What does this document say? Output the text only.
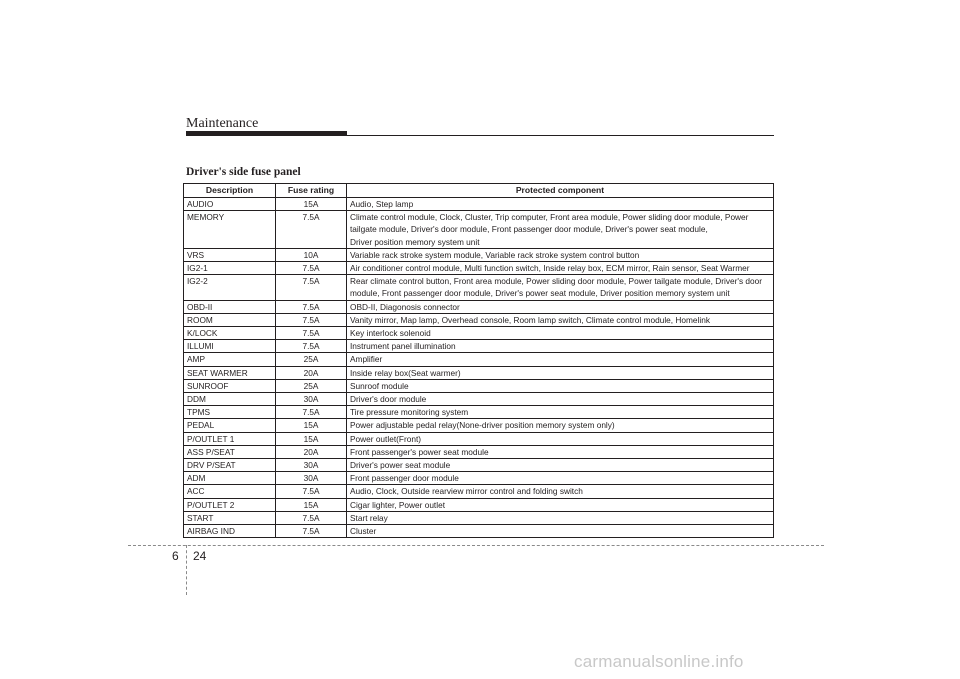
Maintenance
Driver's side fuse panel
Description	Fuse rating	Protected component
AUDIO	15A	Audio, Step lamp

MEMORY	7.5A	Climate control module, Clock, Cluster, Trip computer, Front area module, Power sliding door module, Power
tailgate module, Driver's door module, Front passenger door module, Driver's power seat module,
Driver position memory system unit

VRS	10A	Variable rack stroke system module, Variable rack stroke system control button

IG2-1	7.5A	Air conditioner control module, Multi function switch, Inside relay box, ECM mirror, Rain sensor, Seat Warmer

IG2-2	7.5A	Rear climate control button, Front area module, Power sliding door module, Power tailgate module, Driver's door
module, Front passenger door module, Driver's power seat module, Driver position memory system unit

OBD-II	7.5A	OBD-II, Diagonosis connector

ROOM	7.5A	Vanity mirror, Map lamp, Overhead console, Room lamp switch, Climate control module, Homelink

K/LOCK	7.5A	Key interlock solenoid

ILLUMI	7.5A	Instrument panel illumination

AMP	25A	Amplifier

SEAT WARMER	20A	Inside relay box(Seat warmer)

SUNROOF	25A	Sunroof module

DDM	30A	Driver's door module

TPMS	7.5A	Tire pressure monitoring system

PEDAL	15A	Power adjustable pedal relay(None-driver position memory system only)

P/OUTLET 1	15A	Power outlet(Front)

ASS P/SEAT	20A	Front passenger's power seat module

DRV P/SEAT	30A	Driver's power seat module

ADM	30A	Front passenger door module

ACC	7.5A	Audio, Clock, Outside rearview mirror control and folding switch

P/OUTLET 2	15A	Cigar lighter, Power outlet

START	7.5A	Start relay

AIRBAG IND	7.5A	Cluster
6 24
carmanualsonline.info
